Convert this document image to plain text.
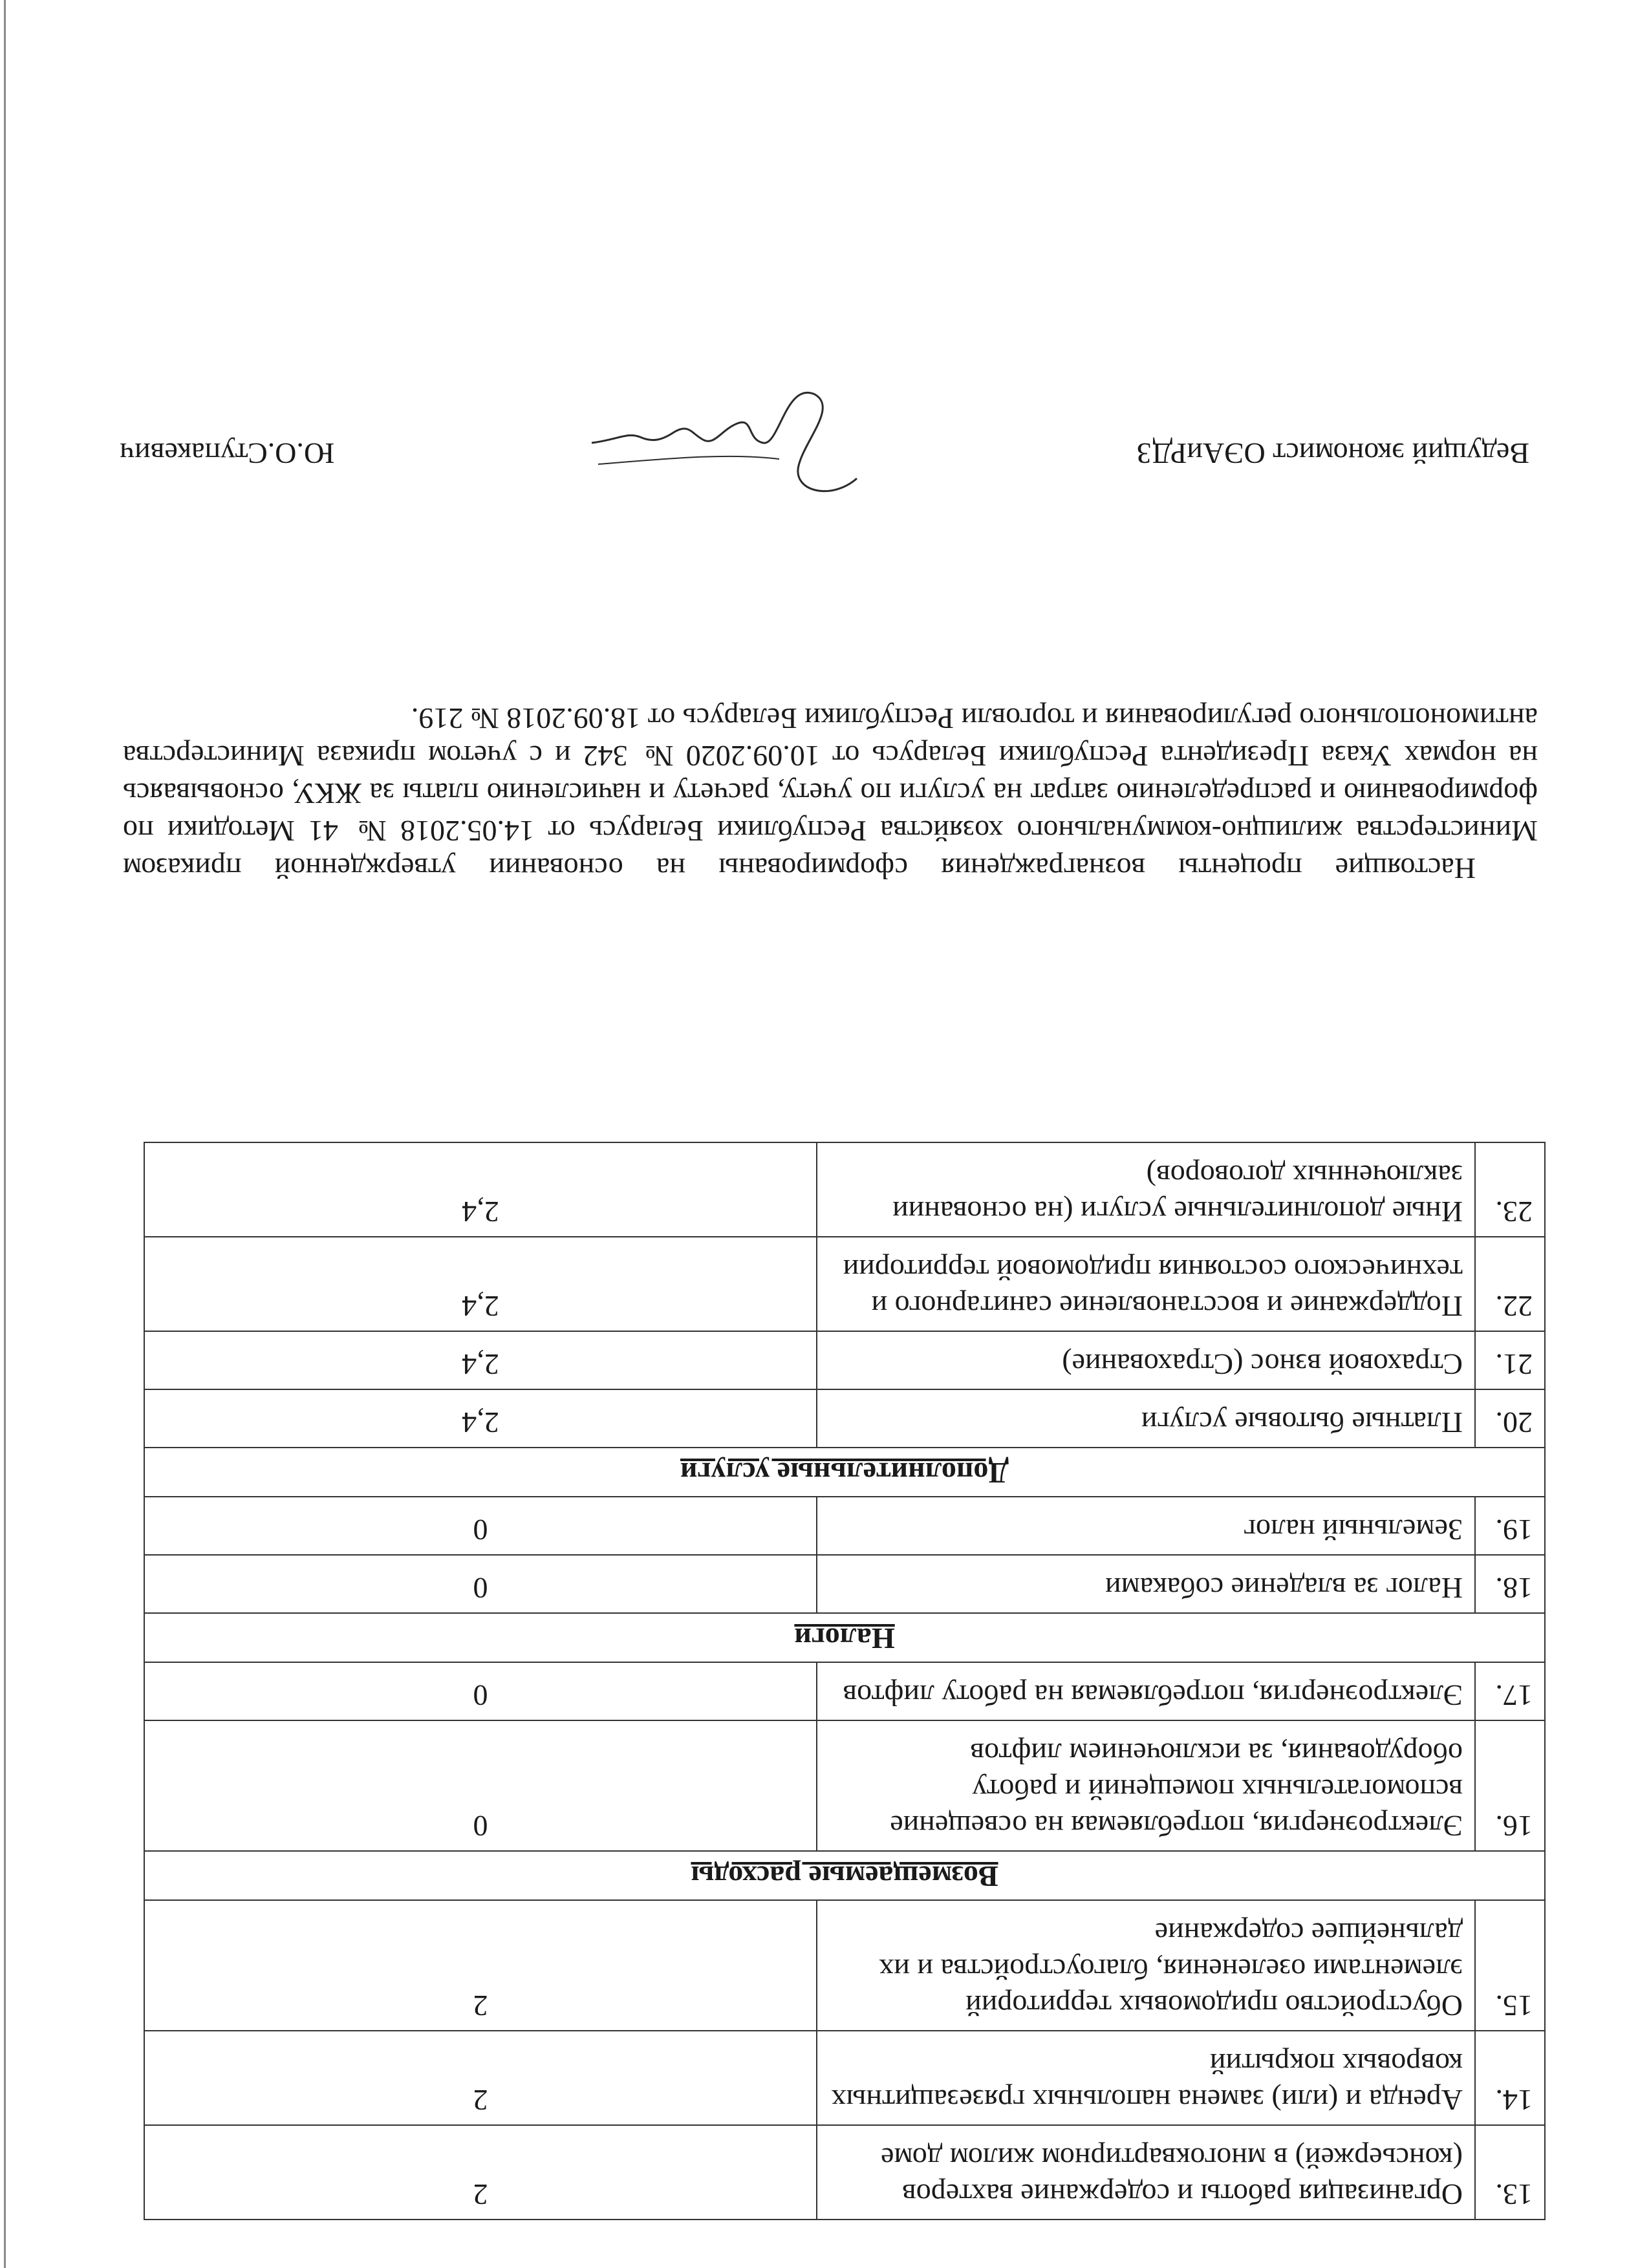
13.	Организация работы и содержание вахтеров (консьержей) в многоквартирном жилом доме	2
14.	Аренда и (или) замена напольных грязезащитных ковровых покрытий	2
15.	Обустройство придомовых территорий элементами озеленения, благоустройства и их дальнейшее содержание	2
Возмещаемые расходы		
16.	Электроэнергия, потребляемая на освещение вспомогательных помещений и работу оборудования, за исключением лифтов	0
17.	Электроэнергия, потребляемая на работу лифтов	0
Налоги		
18.	Налог за владение собаками	0
19.	Земельный налог	0
Дополнительные услуги		
20.	Платные бытовые услуги	2,4
21.	Страховой взнос (Страхование)	2,4
22.	Поддержание и восстановление санитарного и технического состояния придомовой территории	2,4
23.	Иные дополнительные услуги (на основании заключенных договоров)	2,4
Настоящие проценты вознаграждения сформированы на основании утвержденной приказом Министерства жилищно-коммунального хозяйства Республики Беларусь от 14.05.2018 № 41 Методики по формированию и распределению затрат на услуги по учету, расчету и начислению платы за ЖКУ, основываясь на нормах Указа Президента Республики Беларусь от 10.09.2020 № 342 и с учетом приказа Министерства антимонопольного регулирования и торговли Республики Беларусь от 18.09.2018 № 219.
Ведущий экономист ОЭАиРДЗ
Ю.О.Ступакевич
